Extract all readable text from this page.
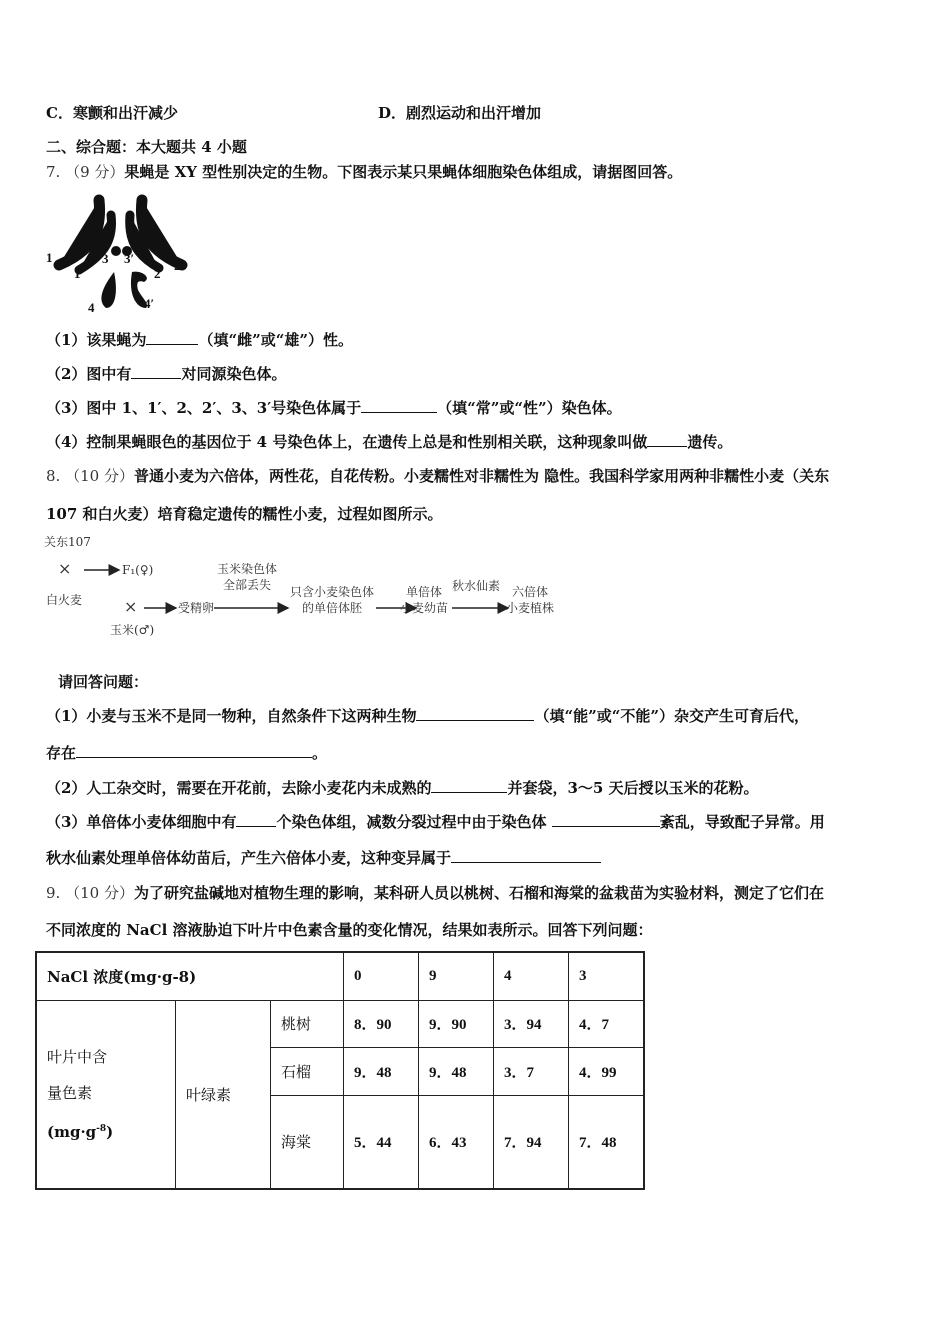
C．寒颤和出汗减少	D．剧烈运动和出汗增加
二、综合题：本大题共 4 小题
7. （9 分）果蝇是 XY 型性别决定的生物。下图表示某只果蝇体细胞染色体组成，请据图回答。
1
1′
3 3′
2
2′
4	4′
（1）该果蝇为	（填“雌”或“雄”）性。
（2）图中有	对同源染色体。
（3）图中 1、1′、2、2′、3、3′号染色体属于	（填“常”或“性”）染色体。
（4）控制果蝇眼色的基因位于 4 号染色体上，在遗传上总是和性别相关联，这种现象叫做	遗传。
8. （10 分）普通小麦为六倍体，两性花，自花传粉。小麦糯性对非糯性为 隐性。我国科学家用两种非糯性小麦（关东
107 和白火麦）培育稳定遗传的糯性小麦，过程如图所示。
关东107
×
白火麦
F₁(♀)
×
玉米(♂)
受精卵
玉米染色体
全部丢失	只含小麦染色体
的单倍体胚
单倍体
小麦幼苗
秋水仙素 六倍体
小麦植株
请回答问题：
（1）小麦与玉米不是同一物种，自然条件下这两种生物	（填“能”或“不能”）杂交产生可育后代，
存在	。
（2）人工杂交时，需要在开花前，去除小麦花内未成熟的	并套袋，3～5 天后授以玉米的花粉。
（3）单倍体小麦体细胞中有	个染色体组，减数分裂过程中由于染色体	紊乱，导致配子异常。用
秋水仙素处理单倍体幼苗后，产生六倍体小麦，这种变异属于
9. （10 分）为了研究盐碱地对植物生理的影响，某科研人员以桃树、石榴和海棠的盆栽苗为实验材料，测定了它们在
不同浓度的 NaCl 溶液胁迫下叶片中色素含量的变化情况，结果如表所示。回答下列问题：
NaCl 浓度(mg·g-8)			0	9	4	3

叶片中含
量色素
$(mg\cdot g^{-8})$	叶绿素	桃树	8．90	9．90	3．94	4．7
		石榴	9．48	9．48	3．7	4．99
		海棠	5．44	6．43	7．94	7．48
